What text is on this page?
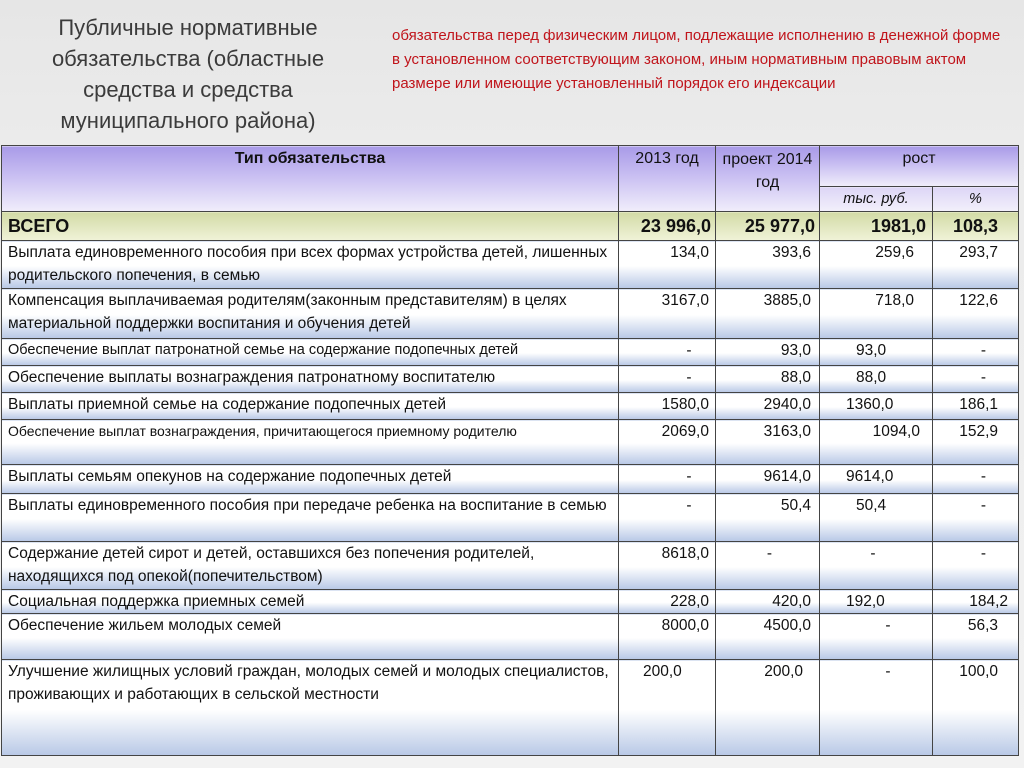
Публичные нормативные обязательства (областные средства и средства муниципального района)
обязательства перед физическим лицом, подлежащие исполнению в денежной форме в установленном соответствующим законом, иным нормативным правовым актом размере или имеющие установленный порядок его индексации
Тип обязательства	2013 год	проект 2014 год	рост	
			тыс. руб.	%
ВСЕГО	23 996,0	25 977,0	1981,0	108,3
Выплата единовременного пособия при всех формах устройства детей, лишенных родительского попечения, в семью	134,0	393,6	259,6	293,7
Компенсация выплачиваемая родителям(законным представителям) в целях материальной поддержки воспитания и обучения детей	3167,0	3885,0	718,0	122,6
Обеспечение выплат патронатной семье на содержание подопечных детей	-	93,0	93,0	-
Обеспечение выплаты вознаграждения патронатному воспитателю	-	88,0	88,0	-
Выплаты приемной семье на содержание подопечных детей	1580,0	2940,0	1360,0	186,1
Обеспечение выплат вознаграждения, причитающегося приемному родителю	2069,0	3163,0	1094,0	152,9
Выплаты семьям опекунов на содержание подопечных детей	-	9614,0	9614,0	-
Выплаты единовременного пособия при передаче ребенка на воспитание в семью	-	50,4	50,4	-
Содержание детей сирот и детей, оставшихся без попечения родителей, находящихся под опекой(попечительством)	8618,0	-	-	-
Социальная поддержка приемных семей	228,0	420,0	192,0	184,2
Обеспечение жильем молодых семей	8000,0	4500,0	-	56,3
Улучшение жилищных условий граждан, молодых семей и молодых специалистов, проживающих и работающих в сельской местности	200,0	200,0	-	100,0
